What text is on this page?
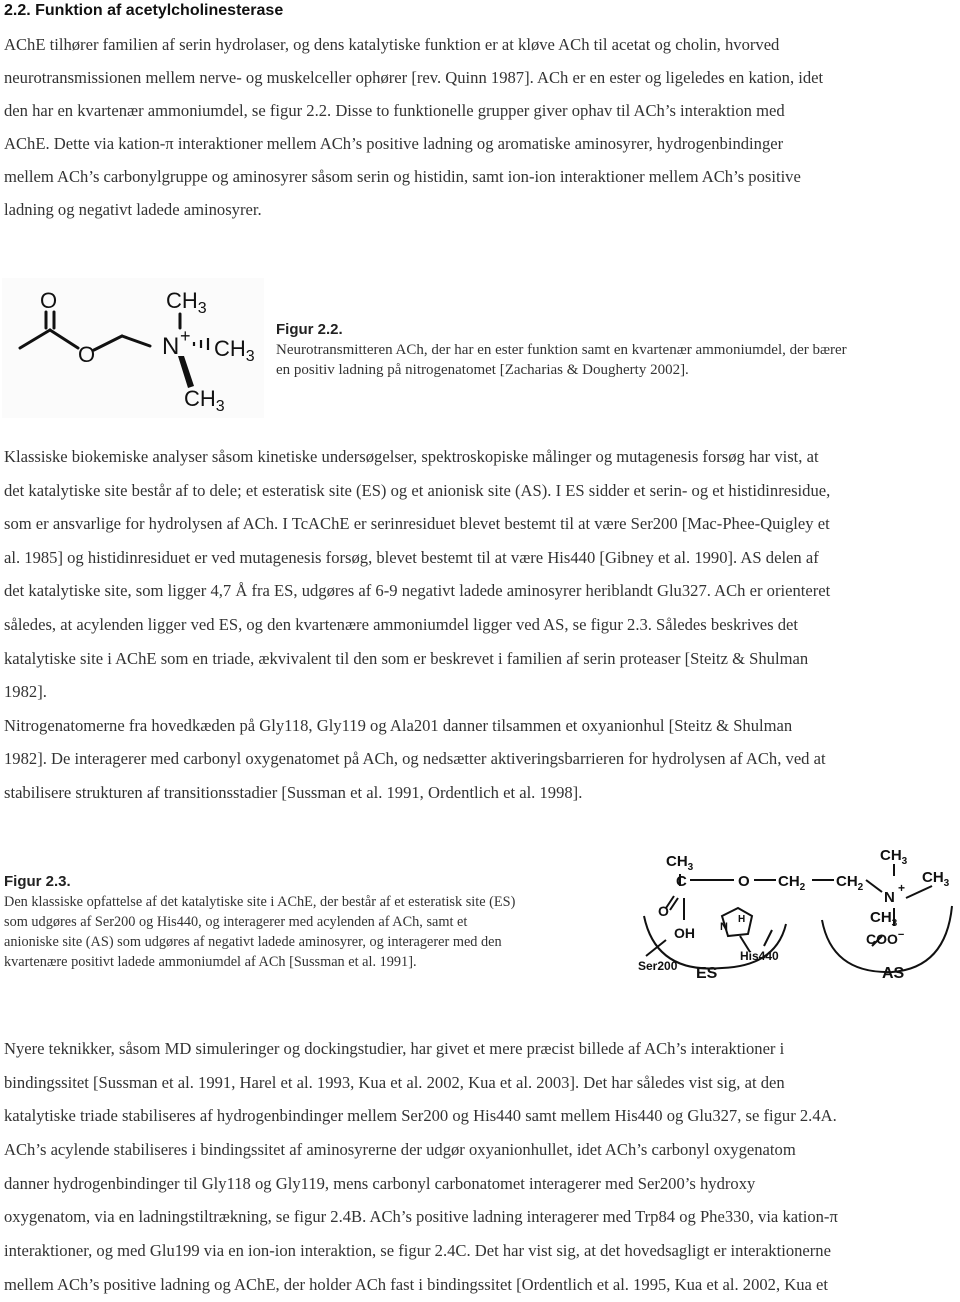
2.2. Funktion af acetylcholinesterase
AChE tilhører familien af serin hydrolaser, og dens katalytiske funktion er at kløve ACh til acetat og cholin, hvorved
neurotransmissionen mellem nerve- og muskelceller ophører [rev. Quinn 1987]. ACh er en ester og ligeledes en kation, idet
den har en kvartenær ammoniumdel, se figur 2.2. Disse to funktionelle grupper giver ophav til ACh’s interaktion med
AChE. Dette via kation-π interaktioner mellem ACh’s positive ladning og aromatiske aminosyrer, hydrogenbindinger
mellem ACh’s carbonylgruppe og aminosyrer såsom serin og histidin, samt ion-ion interaktioner mellem ACh’s positive
ladning og negativt ladede aminosyrer.
O
O	N +
$CH_3$
$CH_3$
$CH_3$
Figur 2.2.
Neurotransmitteren ACh, der har en ester funktion samt en kvartenær ammoniumdel, der bærer
en positiv ladning på nitrogenatomet [Zacharias & Dougherty 2002].
Klassiske biokemiske analyser såsom kinetiske undersøgelser, spektroskopiske målinger og mutagenesis forsøg har vist, at
det katalytiske site består af to dele; et esteratisk site (ES) og et anionisk site (AS). I ES sidder et serin- og et histidinresidue,
som er ansvarlige for hydrolysen af ACh. I TcAChE er serinresiduet blevet bestemt til at være Ser200 [Mac-Phee-Quigley et
al. 1985] og histidinresiduet er ved mutagenesis forsøg, blevet bestemt til at være His440 [Gibney et al. 1990]. AS delen af
det katalytiske site, som ligger 4,7 Å fra ES, udgøres af 6-9 negativt ladede aminosyrer heriblandt Glu327. ACh er orienteret
således, at acylenden ligger ved ES, og den kvartenære ammoniumdel ligger ved AS, se figur 2.3. Således beskrives det
katalytiske site i AChE som en triade, ækvivalent til den som er beskrevet i familien af serin proteaser [Steitz & Shulman
1982].
Nitrogenatomerne fra hovedkæden på Gly118, Gly119 og Ala201 danner tilsammen et oxyanionhul [Steitz & Shulman
1982]. De interagerer med carbonyl oxygenatomet på ACh, og nedsætter aktiveringsbarrieren for hydrolysen af ACh, ved at
stabilisere strukturen af transitionsstadier [Sussman et al. 1991, Ordentlich et al. 1998].
Figur 2.3.
Den klassiske opfattelse af det katalytiske site i AChE, der består af et esteratisk site (ES)
som udgøres af Ser200 og His440, og interagerer med acylenden af ACh, samt et
anioniske site (AS) som udgøres af negativt ladede aminosyrer, og interagerer med den
kvartenære positivt ladede ammoniumdel af ACh [Sussman et al. 1991].
$CH_3$
C	O $CH_2$ $CH_2$
N
+
$CH_3$
$CH_3$
$CH_3$
O
OH N
H
COO−
His440
Ser200 ES	AS
Nyere teknikker, såsom MD simuleringer og dockingstudier, har givet et mere præcist billede af ACh’s interaktioner i
bindingssitet [Sussman et al. 1991, Harel et al. 1993, Kua et al. 2002, Kua et al. 2003]. Det har således vist sig, at den
katalytiske triade stabiliseres af hydrogenbindinger mellem Ser200 og His440 samt mellem His440 og Glu327, se figur 2.4A.
ACh’s acylende stabiliseres i bindingssitet af aminosyrerne der udgør oxyanionhullet, idet ACh’s carbonyl oxygenatom
danner hydrogenbindinger til Gly118 og Gly119, mens carbonyl carbonatomet interagerer med Ser200’s hydroxy
oxygenatom, via en ladningstiltrækning, se figur 2.4B. ACh’s positive ladning interagerer med Trp84 og Phe330, via kation-π
interaktioner, og med Glu199 via en ion-ion interaktion, se figur 2.4C. Det har vist sig, at det hovedsagligt er interaktionerne
mellem ACh’s positive ladning og AChE, der holder ACh fast i bindingssitet [Ordentlich et al. 1995, Kua et al. 2002, Kua et
